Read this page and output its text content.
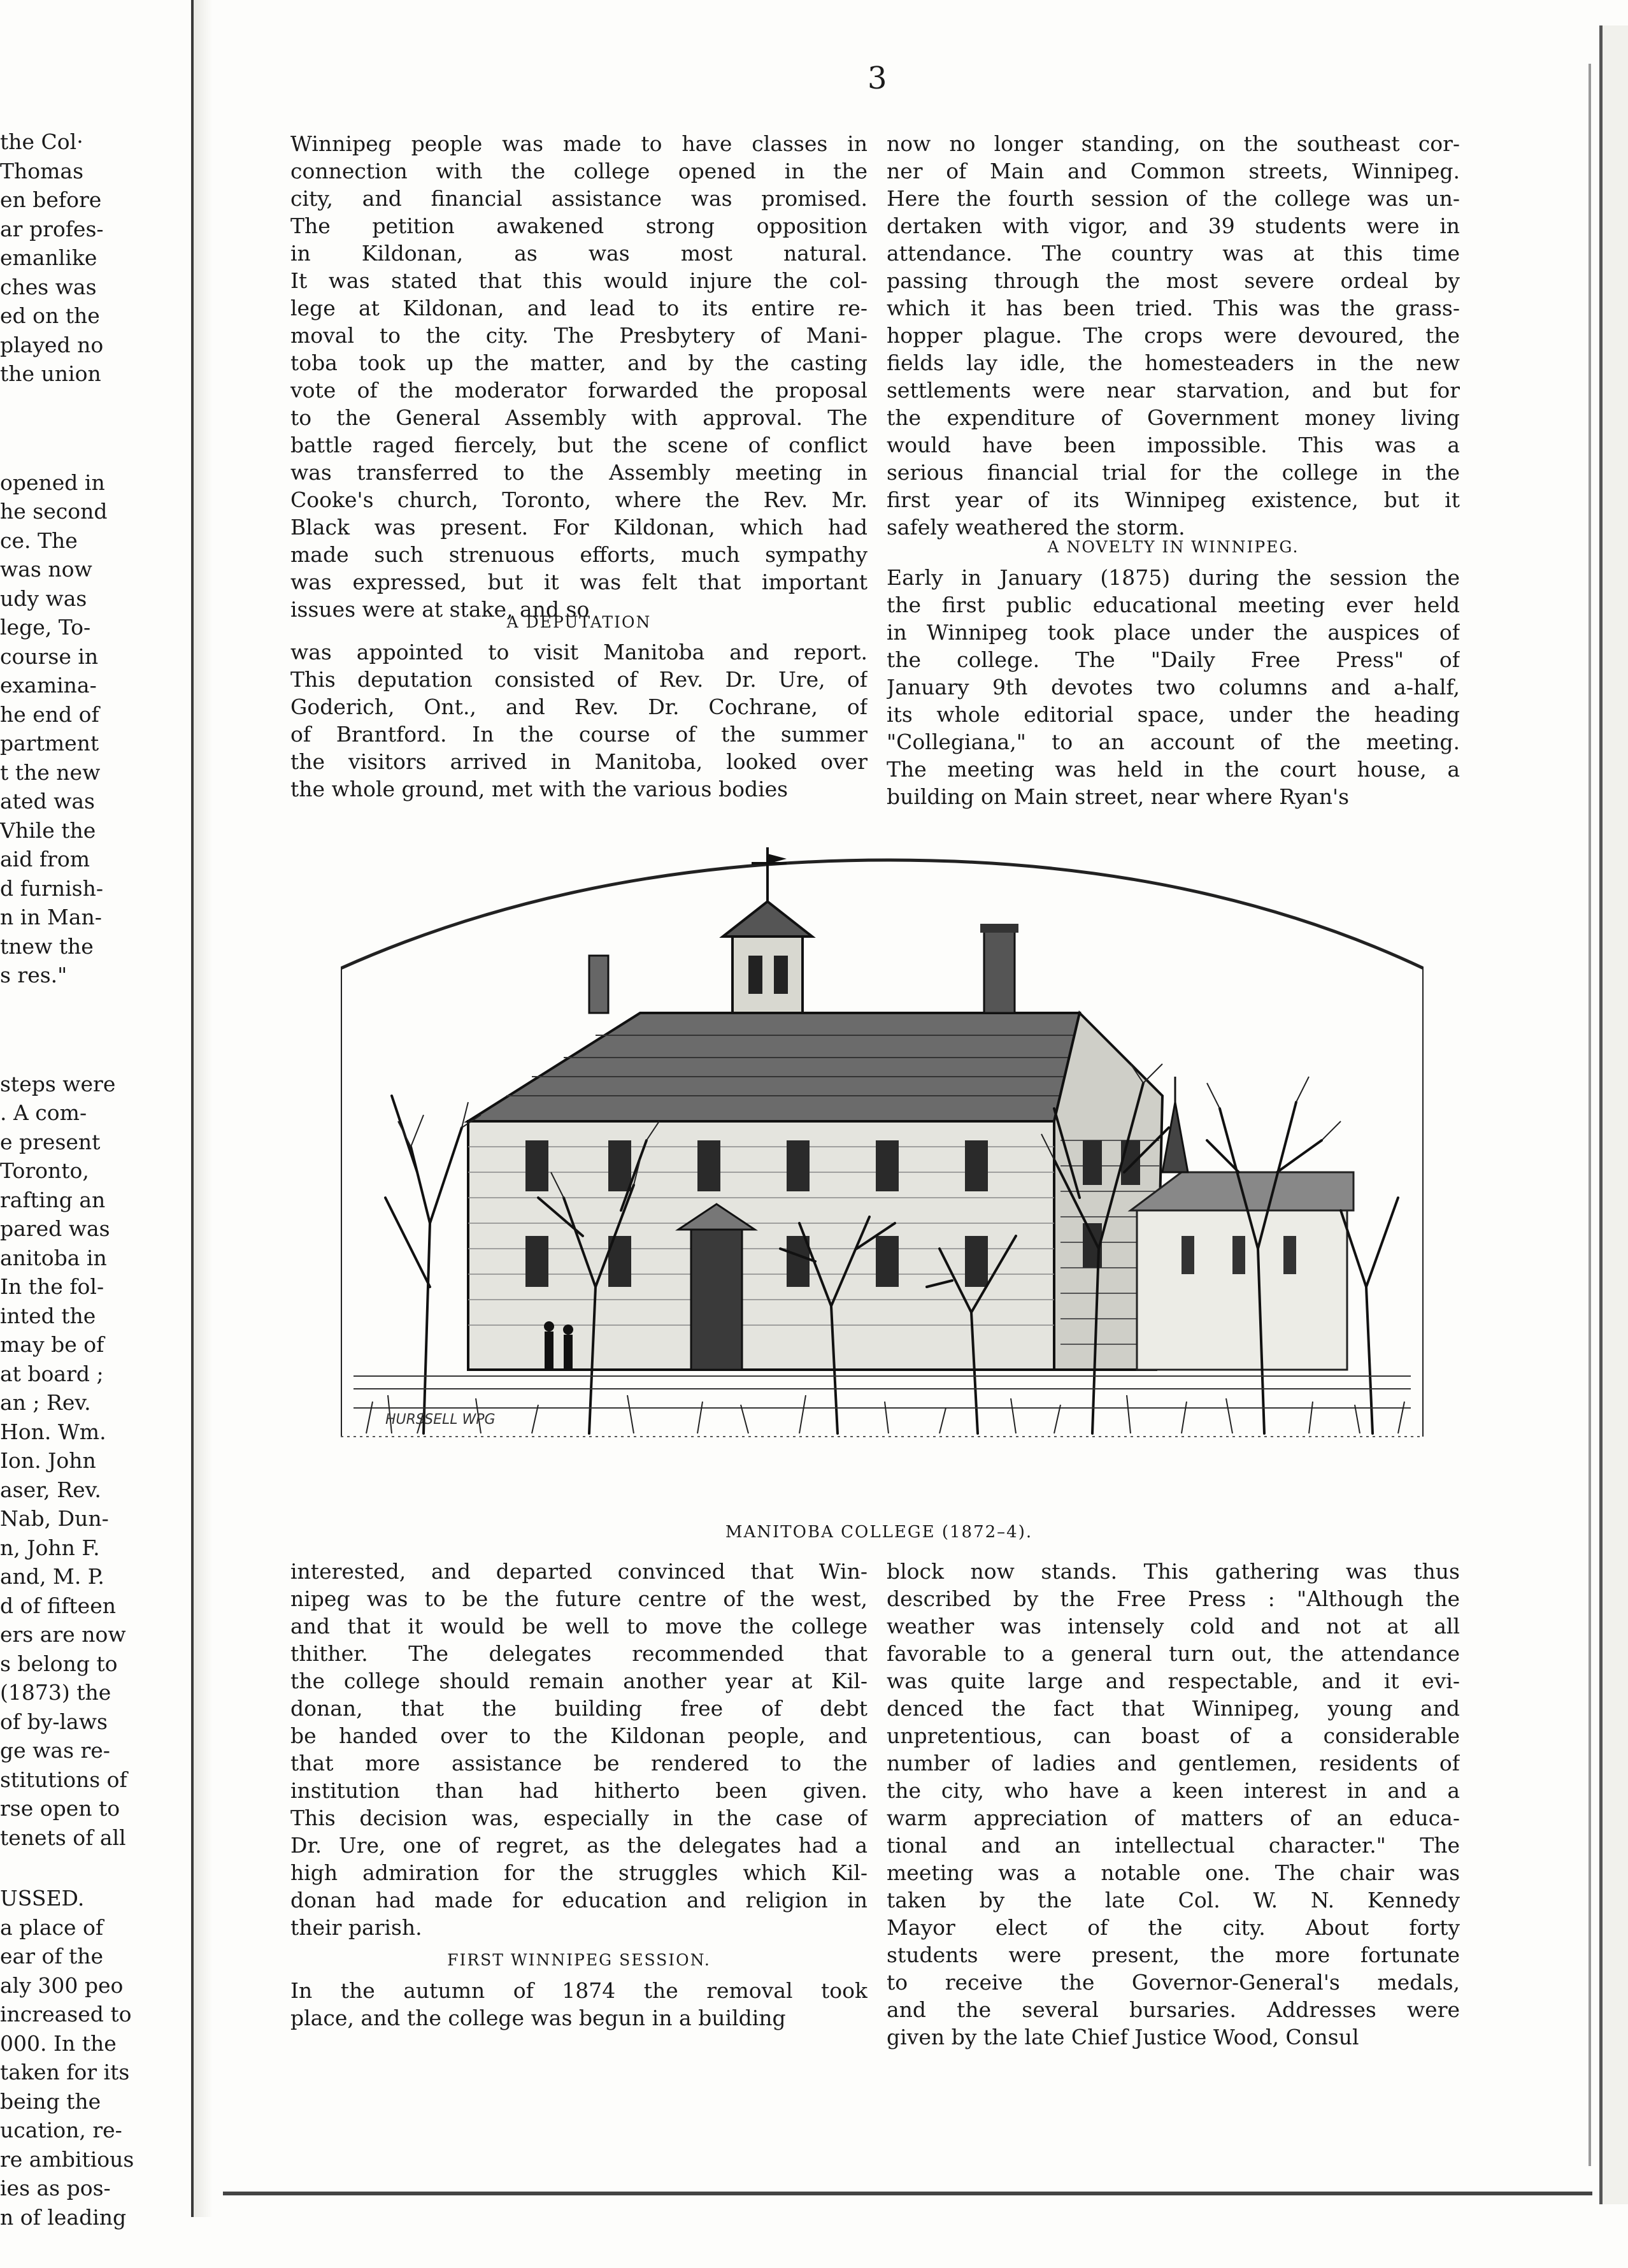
the Col·

Thomas

en before

ar profes-

emanlike

ches was

ed on the

played no

the union

opened in

he second

ce. The

was now

udy was

lege, To-

course in

examina-

he end of

partment

t the new

ated was

Vhile the

aid from

d furnish-

n in Man-

tnew the

s res."

steps were

. A com-

e present

Toronto,

rafting an

pared was

anitoba in

In the fol-

inted the

may be of

at board ;

an ; Rev.

Hon. Wm.

Ion. John

aser, Rev.

Nab, Dun-

n, John F.

and, M. P.

d of fifteen

ers are now

s belong to

(1873) the

of by-laws

ge was re-

stitutions of

rse open to

tenets of all

USSED.

a place of

ear of the

aly 300 peo

increased to

000. In the

taken for its

being the

ucation, re-

re ambitious

ies as pos-

n of leading

3

Winnipeg people was made to have classes in

connection with the college opened in the

city, and financial assistance was promised.

The petition awakened strong opposition

in Kildonan, as was most natural.

It was stated that this would injure the col-

lege at Kildonan, and lead to its entire re-

moval to the city. The Presbytery of Mani-

toba took up the matter, and by the casting

vote of the moderator forwarded the proposal

to the General Assembly with approval. The

battle raged fiercely, but the scene of conflict

was transferred to the Assembly meeting in

Cooke's church, Toronto, where the Rev. Mr.

Black was present. For Kildonan, which had

made such strenuous efforts, much sympathy

was expressed, but it was felt that important

issues were at stake, and so

A DEPUTATION

was appointed to visit Manitoba and report.

This deputation consisted of Rev. Dr. Ure, of

Goderich, Ont., and Rev. Dr. Cochrane, of

of Brantford. In the course of the summer

the visitors arrived in Manitoba, looked over

the whole ground, met with the various bodies

now no longer standing, on the southeast cor-

ner of Main and Common streets, Winnipeg.

Here the fourth session of the college was un-

dertaken with vigor, and 39 students were in

attendance. The country was at this time

passing through the most severe ordeal by

which it has been tried. This was the grass-

hopper plague. The crops were devoured, the

fields lay idle, the homesteaders in the new

settlements were near starvation, and but for

the expenditure of Government money living

would have been impossible. This was a

serious financial trial for the college in the

first year of its Winnipeg existence, but it

safely weathered the storm.

A NOVELTY IN WINNIPEG.

Early in January (1875) during the session the

the first public educational meeting ever held

in Winnipeg took place under the auspices of

the college. The "Daily Free Press" of

January 9th devotes two columns and a-half,

its whole editorial space, under the heading

"Collegiana," to an account of the meeting.

The meeting was held in the court house, a

building on Main street, near where Ryan's

HURSSELL WPG
MANITOBA COLLEGE (1872–4).

interested, and departed convinced that Win-

nipeg was to be the future centre of the west,

and that it would be well to move the college

thither. The delegates recommended that

the college should remain another year at Kil-

donan, that the building free of debt

be handed over to the Kildonan people, and

that more assistance be rendered to the

institution than had hitherto been given.

This decision was, especially in the case of

Dr. Ure, one of regret, as the delegates had a

high admiration for the struggles which Kil-

donan had made for education and religion in

their parish.

FIRST WINNIPEG SESSION.

In the autumn of 1874 the removal took

place, and the college was begun in a building

block now stands. This gathering was thus

described by the Free Press : "Although the

weather was intensely cold and not at all

favorable to a general turn out, the attendance

was quite large and respectable, and it evi-

denced the fact that Winnipeg, young and

unpretentious, can boast of a considerable

number of ladies and gentlemen, residents of

the city, who have a keen interest in and a

warm appreciation of matters of an educa-

tional and an intellectual character." The

meeting was a notable one. The chair was

taken by the late Col. W. N. Kennedy

Mayor elect of the city. About forty

students were present, the more fortunate

to receive the Governor-General's medals,

and the several bursaries. Addresses were

given by the late Chief Justice Wood, Consul
